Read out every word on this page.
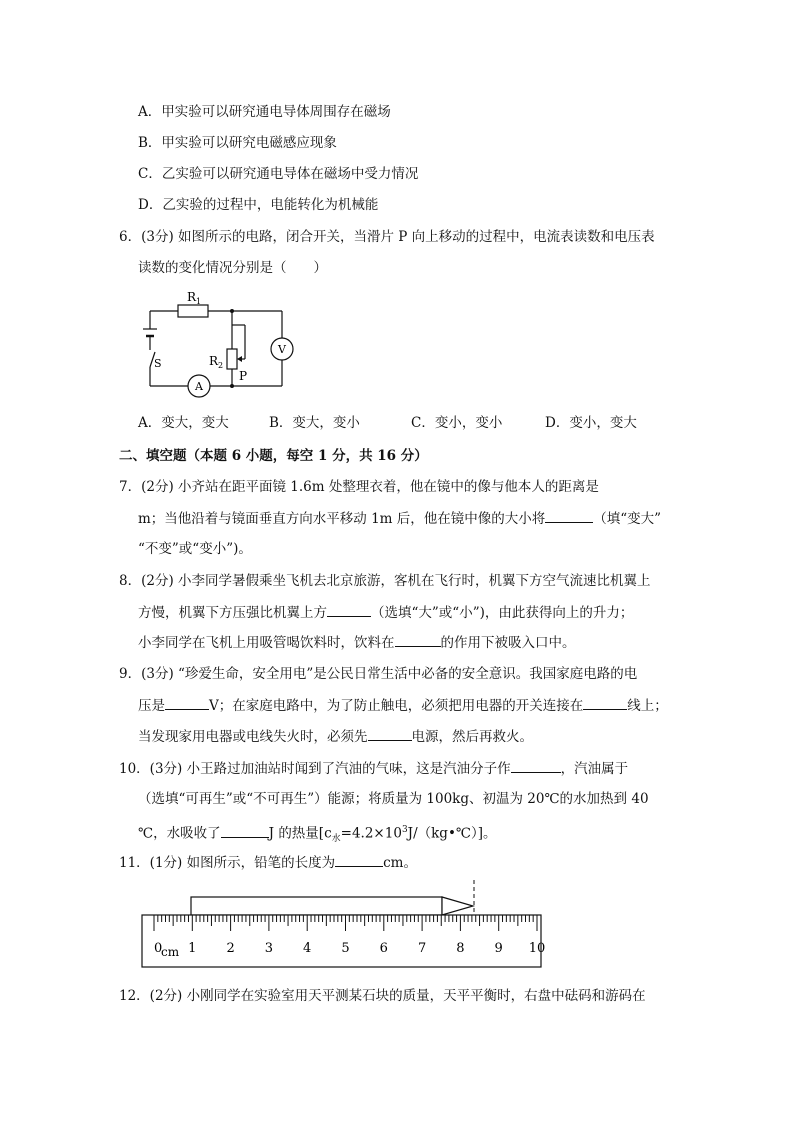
A．甲实验可以研究通电导体周围存在磁场
B．甲实验可以研究电磁感应现象
C．乙实验可以研究通电导体在磁场中受力情况
D．乙实验的过程中，电能转化为机械能
6．(3分) 如图所示的电路，闭合开关，当滑片 P 向上移动的过程中，电流表读数和电压表
读数的变化情况分别是（　　）
$R_1$
$R_2$
P
S
A
V
A．变大，变大	B．变大，变小	C．变小，变小	D．变小，变大
二、填空题（本题 6 小题，每空 1 分，共 16 分）
7．(2分) 小齐站在距平面镜 1.6m 处整理衣着，他在镜中的像与他本人的距离是
m；当他沿着与镜面垂直方向水平移动 1m 后，他在镜中像的大小将	（填“变大”
“不变”或“变小”)。
8．(2分) 小李同学暑假乘坐飞机去北京旅游，客机在飞行时，机翼下方空气流速比机翼上
方慢，机翼下方压强比机翼上方	（选填“大”或“小”)，由此获得向上的升力；
小李同学在飞机上用吸管喝饮料时，饮料在	的作用下被吸入口中。
9．(3分) “珍爱生命，安全用电”是公民日常生活中必备的安全意识。我国家庭电路的电
压是	V；在家庭电路中，为了防止触电，必须把用电器的开关连接在	线上；
当发现家用电器或电线失火时，必须先	电源，然后再救火。
10．(3分) 小王路过加油站时闻到了汽油的气味，这是汽油分子作	，汽油属于
（选填“可再生”或“不可再生”）能源；将质量为 100kg、初温为 20℃的水加热到 40
℃，水吸收了	J 的热量$[c_水=4.2\times 10^3J/(kg•℃)]$。
11．(1分) 如图所示，铅笔的长度为	cm。
0 1 2 3 4 5 6 7 8 9 10
cm
12．(2分) 小刚同学在实验室用天平测某石块的质量，天平平衡时，右盘中砝码和游码在
